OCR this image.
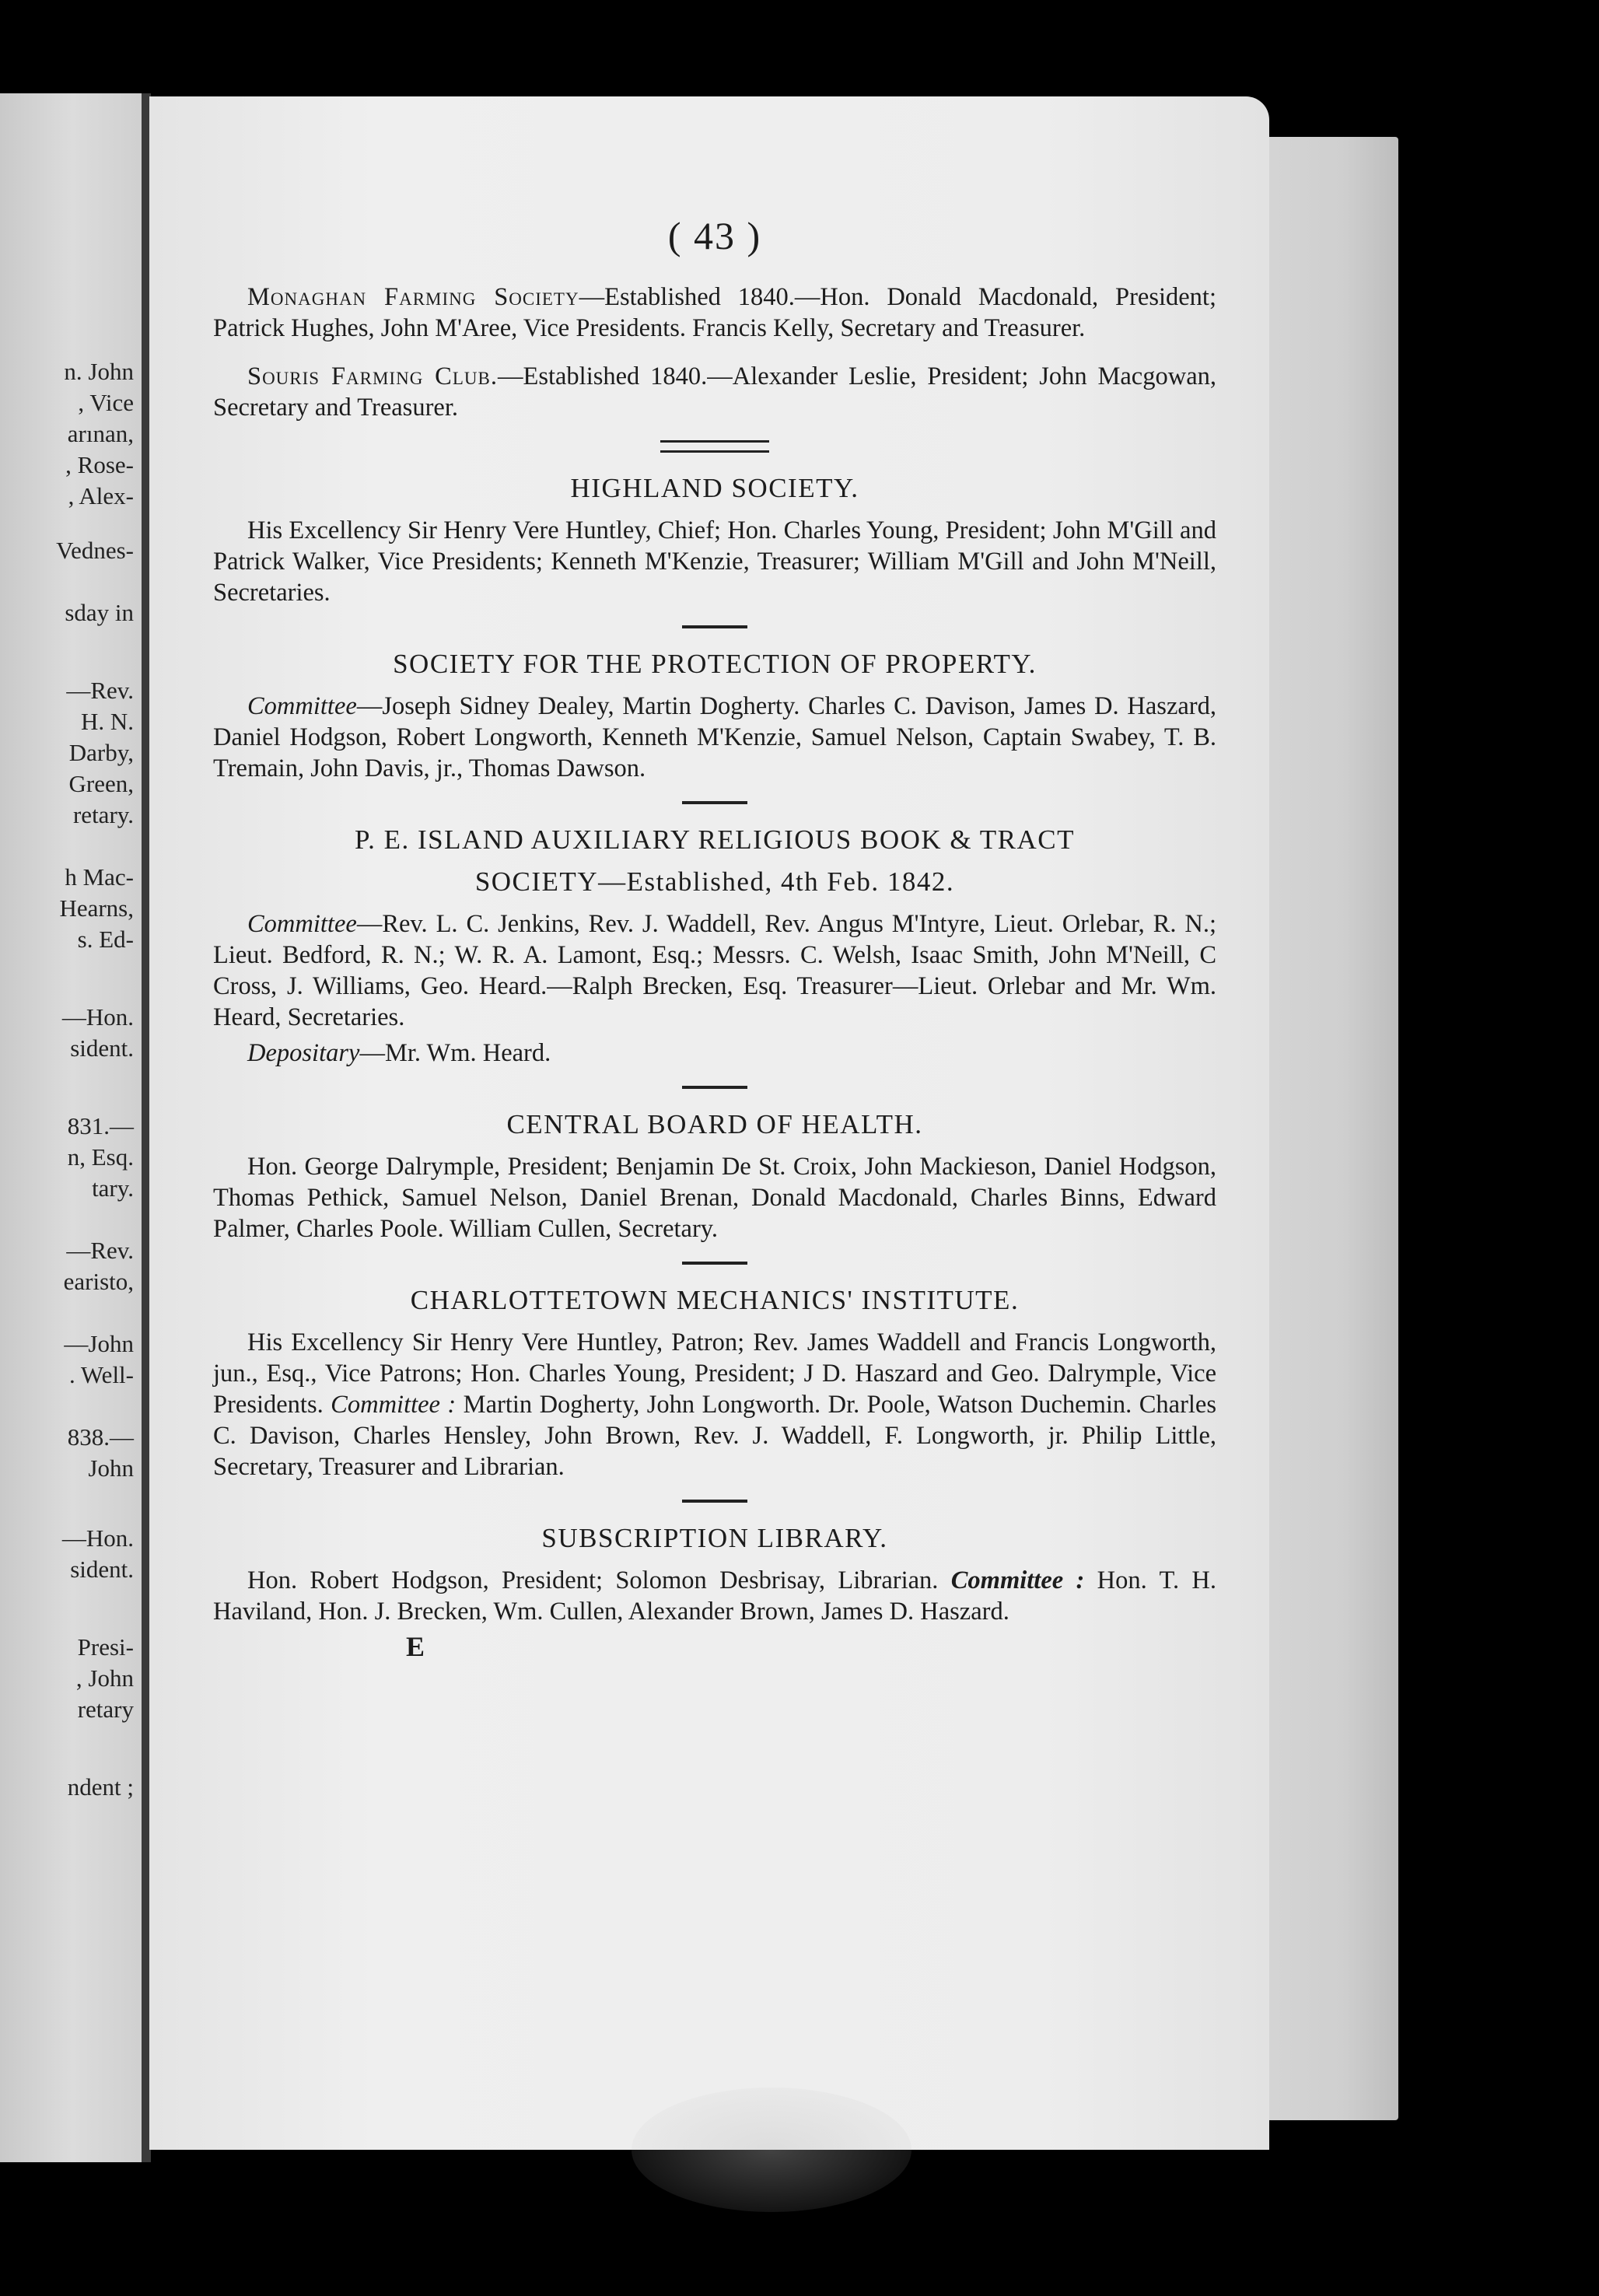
n. John
, Vice
arınan,
, Rose-
, Alex-
Vednes-
sday in
—Rev.
H. N.
Darby,
Green,
retary.
h Mac-
Hearns,
s. Ed-
—Hon.
sident.
831.—
n, Esq.
tary.
—Rev.
earisto,
—John
. Well-
838.—
John
—Hon.
sident.
Presi-
, John
retary
ndent ;
( 43 )

Monaghan Farming Society—Established 1840.—Hon. Donald Macdonald, President; Patrick Hughes, John M'Aree, Vice Presidents. Francis Kelly, Secretary and Treasurer.

Souris Farming Club.—Established 1840.—Alexander Leslie, President; John Macgowan, Secretary and Treasurer.

HIGHLAND SOCIETY.

His Excellency Sir Henry Vere Huntley, Chief; Hon. Charles Young, President; John M'Gill and Patrick Walker, Vice Presidents; Kenneth M'Kenzie, Treasurer; William M'Gill and John M'Neill, Secretaries.

SOCIETY FOR THE PROTECTION OF PROPERTY.

Committee—Joseph Sidney Dealey, Martin Dogherty. Charles C. Davison, James D. Haszard, Daniel Hodgson, Robert Longworth, Kenneth M'Kenzie, Samuel Nelson, Captain Swabey, T. B. Tremain, John Davis, jr., Thomas Dawson.

P. E. ISLAND AUXILIARY RELIGIOUS BOOK & TRACT
SOCIETY—Established, 4th Feb. 1842.

Committee—Rev. L. C. Jenkins, Rev. J. Waddell, Rev. Angus M'Intyre, Lieut. Orlebar, R. N.; Lieut. Bedford, R. N.; W. R. A. Lamont, Esq.; Messrs. C. Welsh, Isaac Smith, John M'Neill, C Cross, J. Williams, Geo. Heard.—Ralph Brecken, Esq. Treasurer—Lieut. Orlebar and Mr. Wm. Heard, Secretaries.

Depositary—Mr. Wm. Heard.

CENTRAL BOARD OF HEALTH.

Hon. George Dalrymple, President; Benjamin De St. Croix, John Mackieson, Daniel Hodgson, Thomas Pethick, Samuel Nelson, Daniel Brenan, Donald Macdonald, Charles Binns, Edward Palmer, Charles Poole. William Cullen, Secretary.

CHARLOTTETOWN MECHANICS' INSTITUTE.

His Excellency Sir Henry Vere Huntley, Patron; Rev. James Waddell and Francis Longworth, jun., Esq., Vice Patrons; Hon. Charles Young, President; J D. Haszard and Geo. Dalrymple, Vice Presidents. Committee : Martin Dogherty, John Longworth. Dr. Poole, Watson Duchemin. Charles C. Davison, Charles Hensley, John Brown, Rev. J. Waddell, F. Longworth, jr. Philip Little, Secretary, Treasurer and Librarian.

SUBSCRIPTION LIBRARY.

Hon. Robert Hodgson, President; Solomon Desbrisay, Librarian. Committee : Hon. T. H. Haviland, Hon. J. Brecken, Wm. Cullen, Alexander Brown, James D. Haszard.

E
